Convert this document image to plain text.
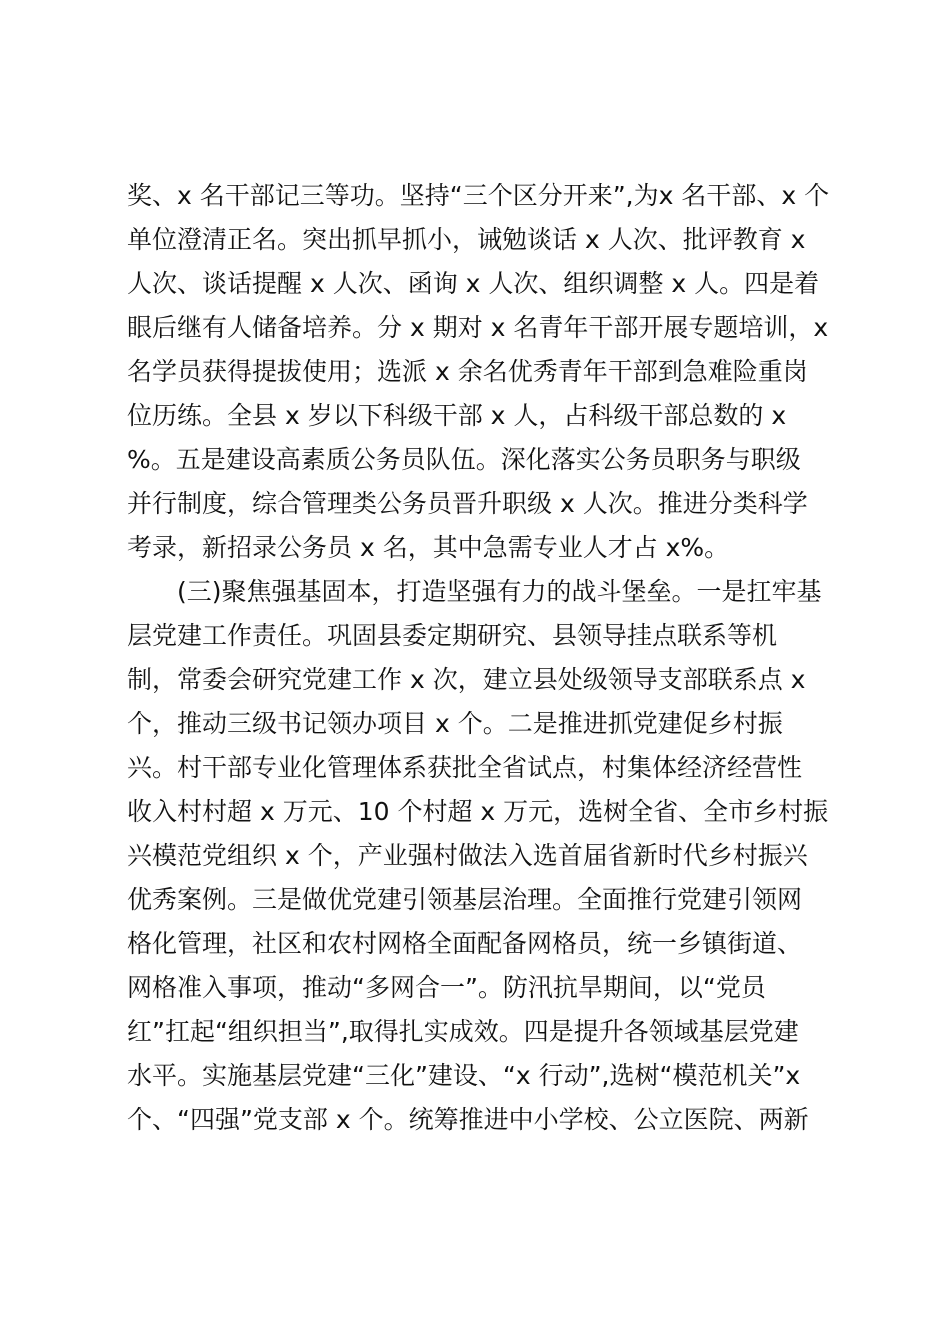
奖、x 名干部记三等功。坚持“三个区分开来”,为x 名干部、x 个
单位澄清正名。突出抓早抓小，诫勉谈话 x 人次、批评教育 x
人次、谈话提醒 x 人次、函询 x 人次、组织调整 x 人。四是着
眼后继有人储备培养。分 x 期对 x 名青年干部开展专题培训，x
名学员获得提拔使用；选派 x 余名优秀青年干部到急难险重岗
位历练。全县 x 岁以下科级干部 x 人，占科级干部总数的 x
%。五是建设高素质公务员队伍。深化落实公务员职务与职级
并行制度，综合管理类公务员晋升职级 x 人次。推进分类科学
考录，新招录公务员 x 名，其中急需专业人才占 x%。
(三)聚焦强基固本，打造坚强有力的战斗堡垒。一是扛牢基
层党建工作责任。巩固县委定期研究、县领导挂点联系等机
制，常委会研究党建工作 x 次，建立县处级领导支部联系点 x
个，推动三级书记领办项目 x 个。二是推进抓党建促乡村振
兴。村干部专业化管理体系获批全省试点，村集体经济经营性
收入村村超 x 万元、10 个村超 x 万元，选树全省、全市乡村振
兴模范党组织 x 个，产业强村做法入选首届省新时代乡村振兴
优秀案例。三是做优党建引领基层治理。全面推行党建引领网
格化管理，社区和农村网格全面配备网格员，统一乡镇街道、
网格准入事项，推动“多网合一”。防汛抗旱期间，以“党员
红”扛起“组织担当”,取得扎实成效。四是提升各领域基层党建
水平。实施基层党建“三化”建设、“x 行动”,选树“模范机关”x
个、“四强”党支部 x 个。统筹推进中小学校、公立医院、两新
